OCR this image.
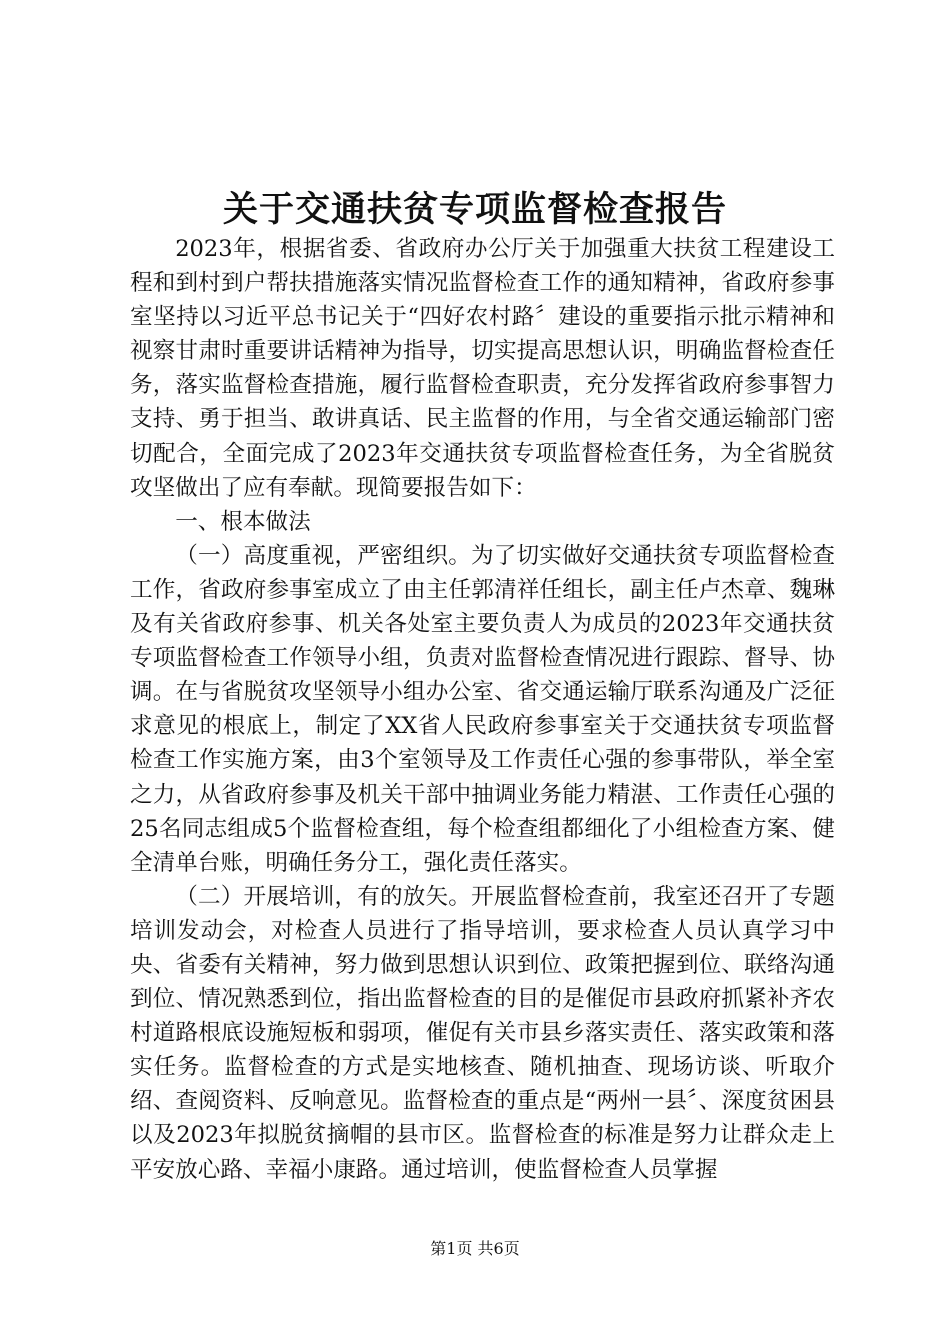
关于交通扶贫专项监督检查报告

2023年，根据省委、省政府办公厅关于加强重大扶贫工程建设工程和到村到户帮扶措施落实情况监督检查工作的通知精神，省政府参事室坚持以习近平总书记关于“四好农村路〞建设的重要指示批示精神和视察甘肃时重要讲话精神为指导，切实提高思想认识，明确监督检查任务，落实监督检查措施，履行监督检查职责，充分发挥省政府参事智力支持、勇于担当、敢讲真话、民主监督的作用，与全省交通运输部门密切配合，全面完成了2023年交通扶贫专项监督检查任务，为全省脱贫攻坚做出了应有奉献。现简要报告如下：

一、根本做法

（一）高度重视，严密组织。为了切实做好交通扶贫专项监督检查工作，省政府参事室成立了由主任郭清祥任组长，副主任卢杰章、魏琳及有关省政府参事、机关各处室主要负责人为成员的2023年交通扶贫专项监督检查工作领导小组，负责对监督检查情况进行跟踪、督导、协调。在与省脱贫攻坚领导小组办公室、省交通运输厅联系沟通及广泛征求意见的根底上，制定了XX省人民政府参事室关于交通扶贫专项监督检查工作实施方案，由3个室领导及工作责任心强的参事带队，举全室之力，从省政府参事及机关干部中抽调业务能力精湛、工作责任心强的25名同志组成5个监督检查组，每个检查组都细化了小组检查方案、健全清单台账，明确任务分工，强化责任落实。

（二）开展培训，有的放矢。开展监督检查前，我室还召开了专题培训发动会，对检查人员进行了指导培训，要求检查人员认真学习中央、省委有关精神，努力做到思想认识到位、政策把握到位、联络沟通到位、情况熟悉到位，指出监督检查的目的是催促市县政府抓紧补齐农村道路根底设施短板和弱项，催促有关市县乡落实责任、落实政策和落实任务。监督检查的方式是实地核查、随机抽查、现场访谈、听取介绍、查阅资料、反响意见。监督检查的重点是“两州一县〞、深度贫困县以及2023年拟脱贫摘帽的县市区。监督检查的标准是努力让群众走上平安放心路、幸福小康路。通过培训，使监督检查人员掌握

第1页 共6页
